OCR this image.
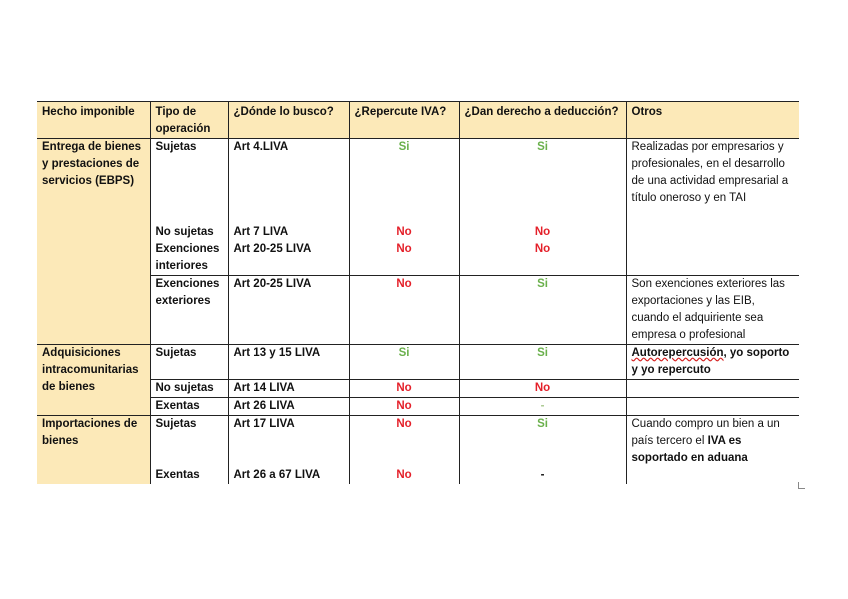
Hecho imponible	Tipo de operación	¿Dónde lo busco?	¿Repercute IVA?	¿Dan derecho a deducción?	Otros
Entrega de bienes y prestaciones de servicios (EBPS)	Sujetas	Art 4.LIVA	Si	Si	Realizadas por empresarios y profesionales, en el desarrollo de una actividad empresarial a título oneroso y en TAI
	No sujetas	Art 7 LIVA	No	No	
	Exenciones interiores	Art 20-25 LIVA	No	No	
	Exenciones exteriores	Art 20-25 LIVA	No	Si	Son exenciones exteriores las exportaciones y las EIB, cuando el adquiriente sea empresa o profesional
Adquisiciones intracomunitarias de bienes	Sujetas	Art 13 y 15 LIVA	Si	Si	Autorepercusión, yo soporto y yo repercuto
	No sujetas	Art 14 LIVA	No	No	
	Exentas	Art 26 LIVA	No	-	
Importaciones de bienes	Sujetas	Art 17 LIVA	No	Si	Cuando compro un bien a un país tercero el IVA es soportado en aduana
	Exentas	Art 26 a 67 LIVA	No	-	
